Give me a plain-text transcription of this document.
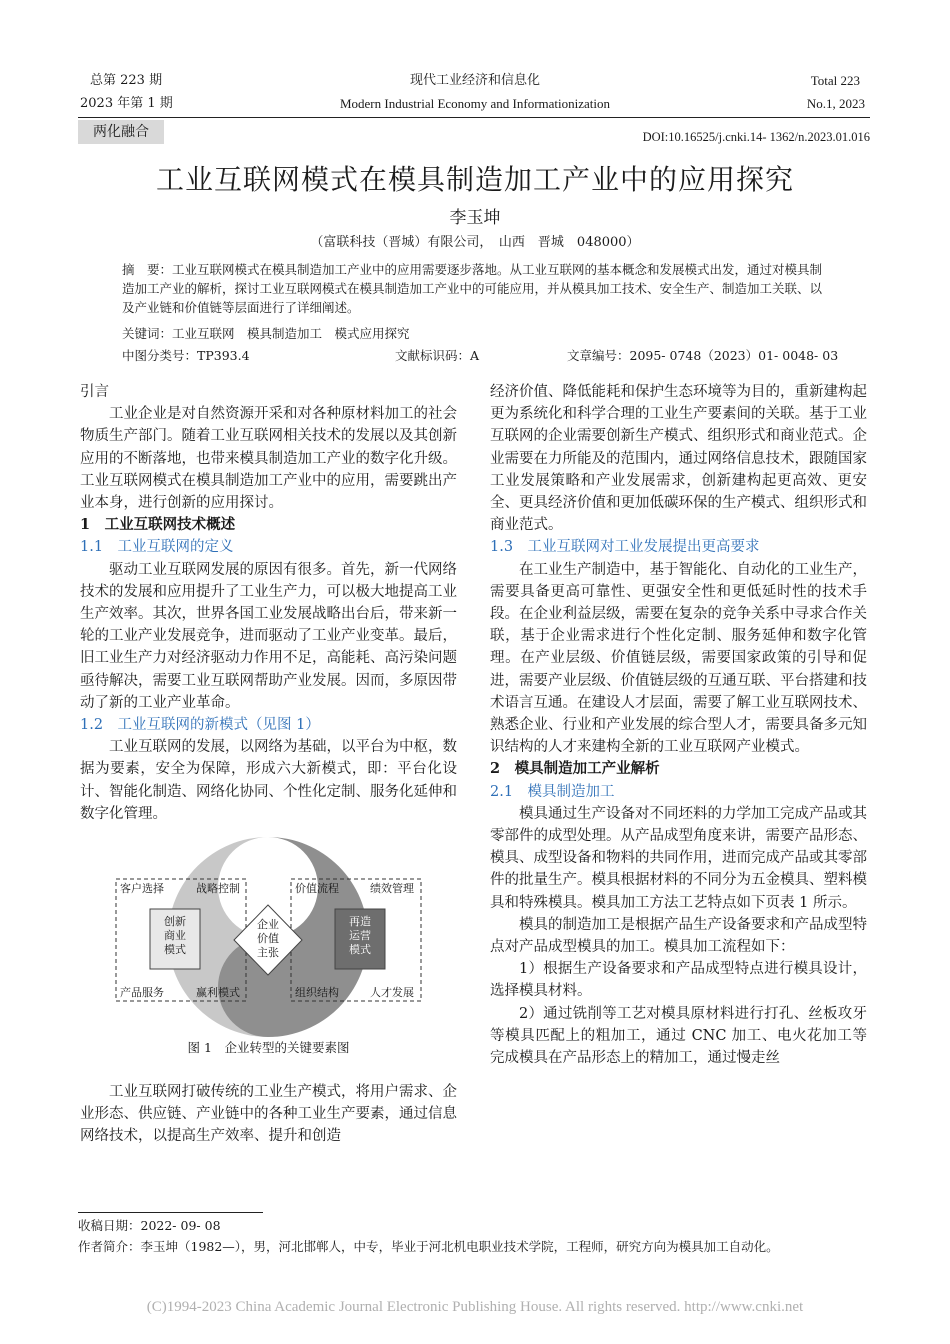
总第 223 期
2023 年第 1 期
现代工业经济和信息化
Modern Industrial Economy and Informationization
Total 223
No.1, 2023
两化融合	DOI:10.16525/j.cnki.14- 1362/n.2023.01.016
工业互联网模式在模具制造加工产业中的应用探究
李玉坤
（富联科技（晋城）有限公司，　山西　晋城　048000）
摘　要：工业互联网模式在模具制造加工产业中的应用需要逐步落地。从工业互联网的基本概念和发展模式出发，通过对模具制造加工产业的解析，探讨工业互联网模式在模具制造加工产业中的可能应用，并从模具加工技术、安全生产、制造加工关联、以及产业链和价值链等层面进行了详细阐述。
关键词：工业互联网　模具制造加工　模式应用探究
中图分类号：TP393.4	文献标识码：A	文章编号：2095- 0748（2023）01- 0048- 03

引言

工业企业是对自然资源开采和对各种原材料加工的社会物质生产部门。随着工业互联网相关技术的发展以及其创新应用的不断落地，也带来模具制造加工产业的数字化升级。工业互联网模式在模具制造加工产业中的应用，需要跳出产业本身，进行创新的应用探讨。

1　工业互联网技术概述

1.1　工业互联网的定义

驱动工业互联网发展的原因有很多。首先，新一代网络技术的发展和应用提升了工业生产力，可以极大地提高工业生产效率。其次，世界各国工业发展战略出台后，带来新一轮的工业产业发展竞争，进而驱动了工业产业变革。最后，旧工业生产力对经济驱动力作用不足，高能耗、高污染问题亟待解决，需要工业互联网帮助产业发展。因而，多原因带动了新的工业产业革命。

1.2　工业互联网的新模式（见图 1）

工业互联网的发展，以网络为基础，以平台为中枢，数据为要素，安全为保障，形成六大新模式，即：平台化设计、智能化制造、网络化协同、个性化定制、服务化延伸和数字化管理。

客户选择	战略控制
产品服务	赢利模式
价值流程	绩效管理
组织结构	人才发展
创新商业模式
企业价值主张
再造运营模式

图 1　企业转型的关键要素图

工业互联网打破传统的工业生产模式，将用户需求、企业形态、供应链、产业链中的各种工业生产要素，通过信息网络技术，以提高生产效率、提升和创造

经济价值、降低能耗和保护生态环境等为目的，重新建构起更为系统化和科学合理的工业生产要素间的关联。基于工业互联网的企业需要创新生产模式、组织形式和商业范式。企业需要在力所能及的范围内，通过网络信息技术，跟随国家工业发展策略和产业发展需求，创新建构起更高效、更安全、更具经济价值和更加低碳环保的生产模式、组织形式和商业范式。

1.3　工业互联网对工业发展提出更高要求

在工业生产制造中，基于智能化、自动化的工业生产，需要具备更高可靠性、更强安全性和更低延时性的技术手段。在企业利益层级，需要在复杂的竞争关系中寻求合作关联，基于企业需求进行个性化定制、服务延伸和数字化管理。在产业层级、价值链层级，需要国家政策的引导和促进，需要产业层级、价值链层级的互通互联、平台搭建和技术语言互通。在建设人才层面，需要了解工业互联网技术、熟悉企业、行业和产业发展的综合型人才，需要具备多元知识结构的人才来建构全新的工业互联网产业模式。

2　模具制造加工产业解析

2.1　模具制造加工

模具通过生产设备对不同坯料的力学加工完成产品或其零部件的成型处理。从产品成型角度来讲，需要产品形态、模具、成型设备和物料的共同作用，进而完成产品或其零部件的批量生产。模具根据材料的不同分为五金模具、塑料模具和特殊模具。模具加工方法工艺特点如下页表 1 所示。

模具的制造加工是根据产品生产设备要求和产品成型特点对产品成型模具的加工。模具加工流程如下：

1）根据生产设备要求和产品成型特点进行模具设计，选择模具材料。

2）通过铣削等工艺对模具原材料进行打孔、丝板攻牙等模具匹配上的粗加工，通过 CNC 加工、电火花加工等完成模具在产品形态上的精加工，通过慢走丝

收稿日期：2022- 09- 08
作者简介：李玉坤（1982—），男，河北邯郸人，中专，毕业于河北机电职业技术学院，工程师，研究方向为模具加工自动化。
(C)1994-2023 China Academic Journal Electronic Publishing House. All rights reserved. http://www.cnki.net
